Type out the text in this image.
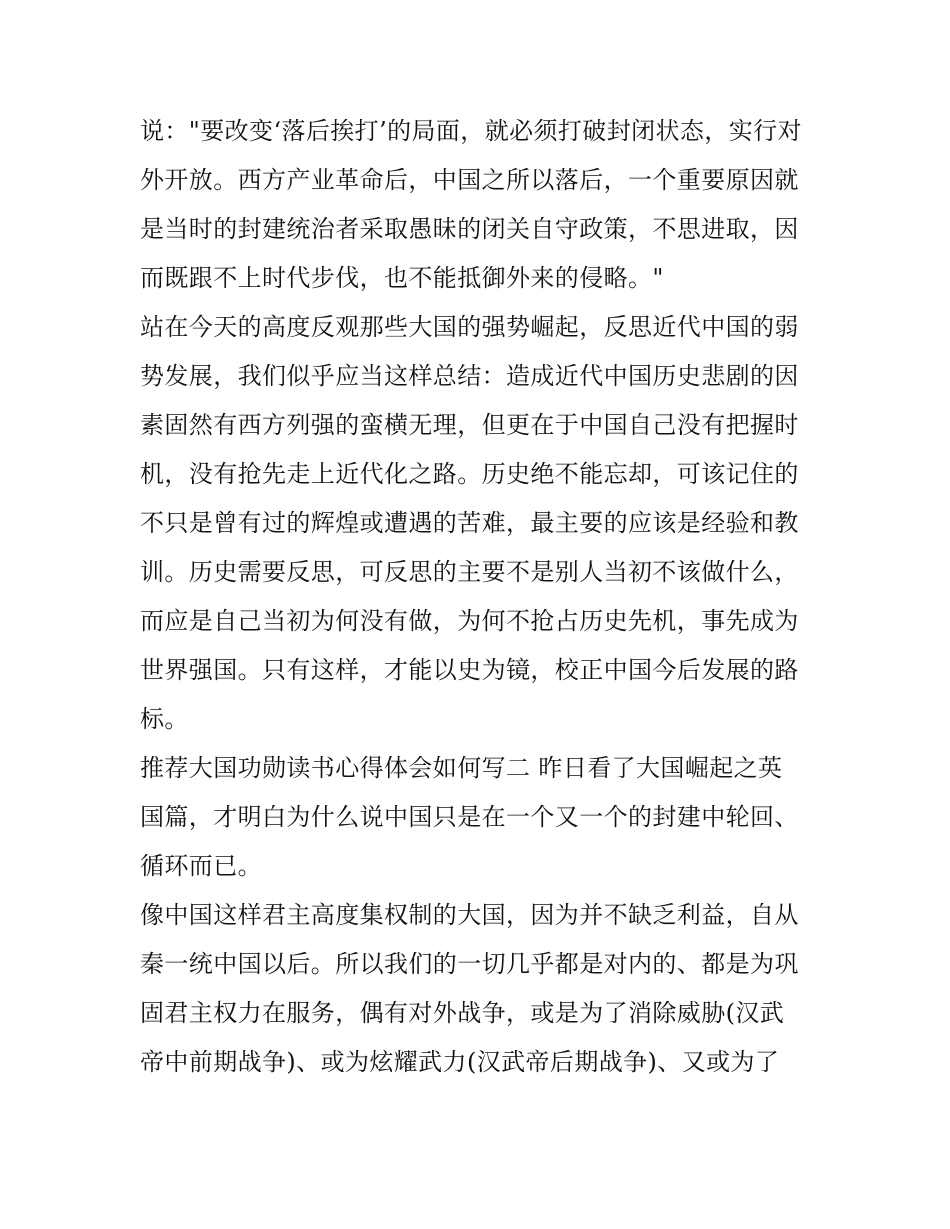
说："要改变‘落后挨打’的局面，就必须打破封闭状态，实行对
外开放。西方产业革命后，中国之所以落后，一个重要原因就
是当时的封建统治者采取愚昧的闭关自守政策，不思进取，因
而既跟不上时代步伐，也不能抵御外来的侵略。"
站在今天的高度反观那些大国的强势崛起，反思近代中国的弱
势发展，我们似乎应当这样总结：造成近代中国历史悲剧的因
素固然有西方列强的蛮横无理，但更在于中国自己没有把握时
机，没有抢先走上近代化之路。历史绝不能忘却，可该记住的
不只是曾有过的辉煌或遭遇的苦难，最主要的应该是经验和教
训。历史需要反思，可反思的主要不是别人当初不该做什么，
而应是自己当初为何没有做，为何不抢占历史先机，事先成为
世界强国。只有这样，才能以史为镜，校正中国今后发展的路
标。
推荐大国功勋读书心得体会如何写二 昨日看了大国崛起之英
国篇，才明白为什么说中国只是在一个又一个的封建中轮回、
循环而已。
像中国这样君主高度集权制的大国，因为并不缺乏利益，自从
秦一统中国以后。所以我们的一切几乎都是对内的、都是为巩
固君主权力在服务，偶有对外战争，或是为了消除威胁(汉武
帝中前期战争)、或为炫耀武力(汉武帝后期战争)、又或为了
